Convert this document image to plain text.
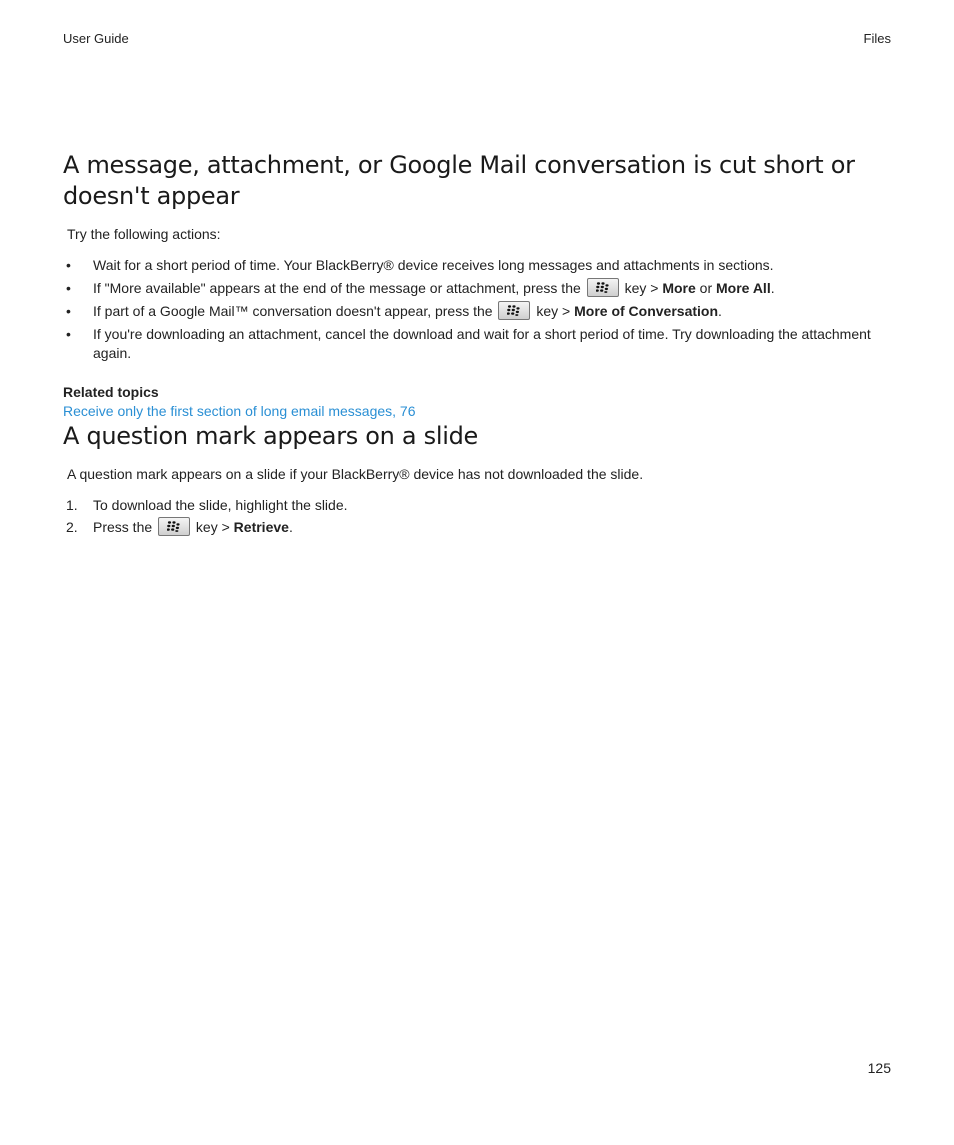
User Guide	Files
A message, attachment, or Google Mail conversation is cut short or doesn't appear

Try the following actions:

• Wait for a short period of time. Your BlackBerry® device receives long messages and attachments in sections.
• If "More available" appears at the end of the message or attachment, press the	key > More or More All.
• If part of a Google Mail™ conversation doesn't appear, press the	key > More of Conversation.
• If you're downloading an attachment, cancel the download and wait for a short period of time. Try downloading the attachment again.
Related topics
Receive only the first section of long email messages, 76
A question mark appears on a slide

A question mark appears on a slide if your BlackBerry® device has not downloaded the slide.

1. To download the slide, highlight the slide.
2. Press the	key > Retrieve.
125
